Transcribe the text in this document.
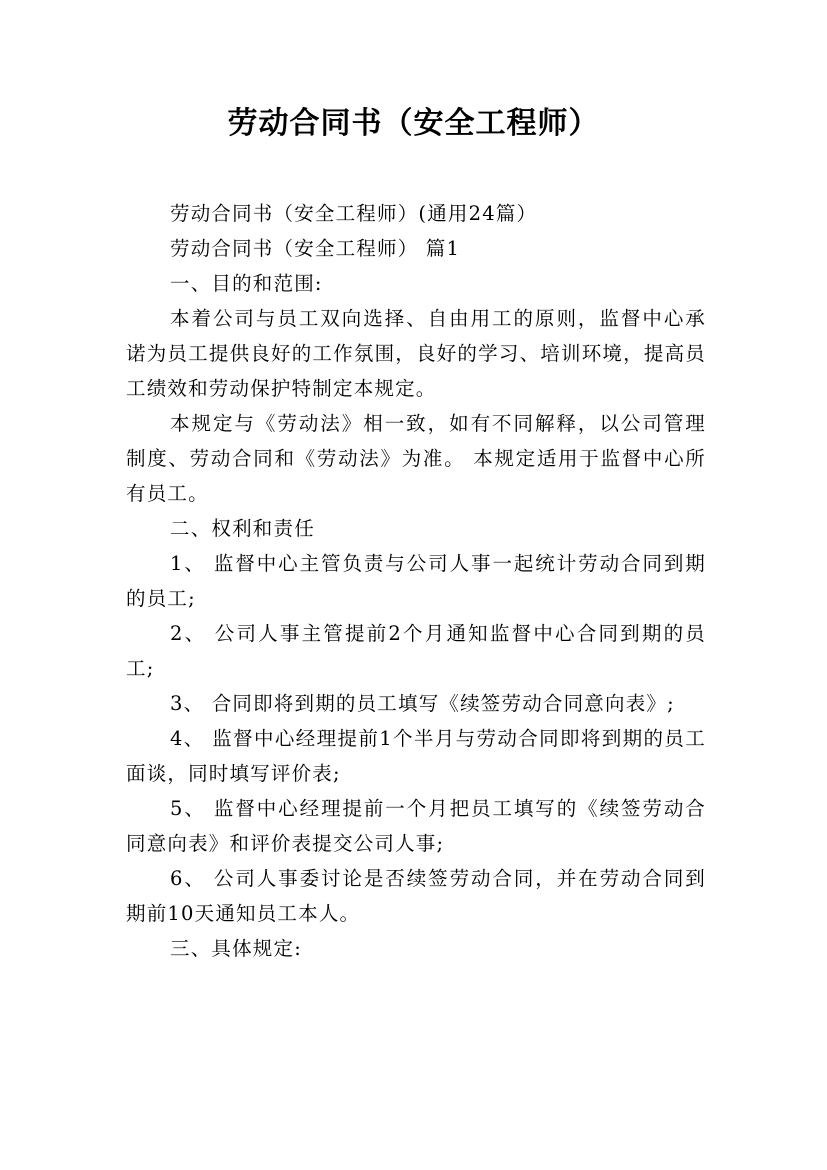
劳动合同书（安全工程师）

劳动合同书（安全工程师）(通用24篇）

劳动合同书（安全工程师） 篇1

一、目的和范围:

本着公司与员工双向选择、自由用工的原则，监督中心承诺为员工提供良好的工作氛围，良好的学习、培训环境，提高员工绩效和劳动保护特制定本规定。

本规定与《劳动法》相一致，如有不同解释，以公司管理制度、劳动合同和《劳动法》为准。 本规定适用于监督中心所有员工。

二、权利和责任

1、 监督中心主管负责与公司人事一起统计劳动合同到期的员工;

2、 公司人事主管提前2个月通知监督中心合同到期的员工;

3、 合同即将到期的员工填写《续签劳动合同意向表》;

4、 监督中心经理提前1个半月与劳动合同即将到期的员工面谈，同时填写评价表;

5、 监督中心经理提前一个月把员工填写的《续签劳动合同意向表》和评价表提交公司人事;

6、 公司人事委讨论是否续签劳动合同，并在劳动合同到期前10天通知员工本人。

三、具体规定:
